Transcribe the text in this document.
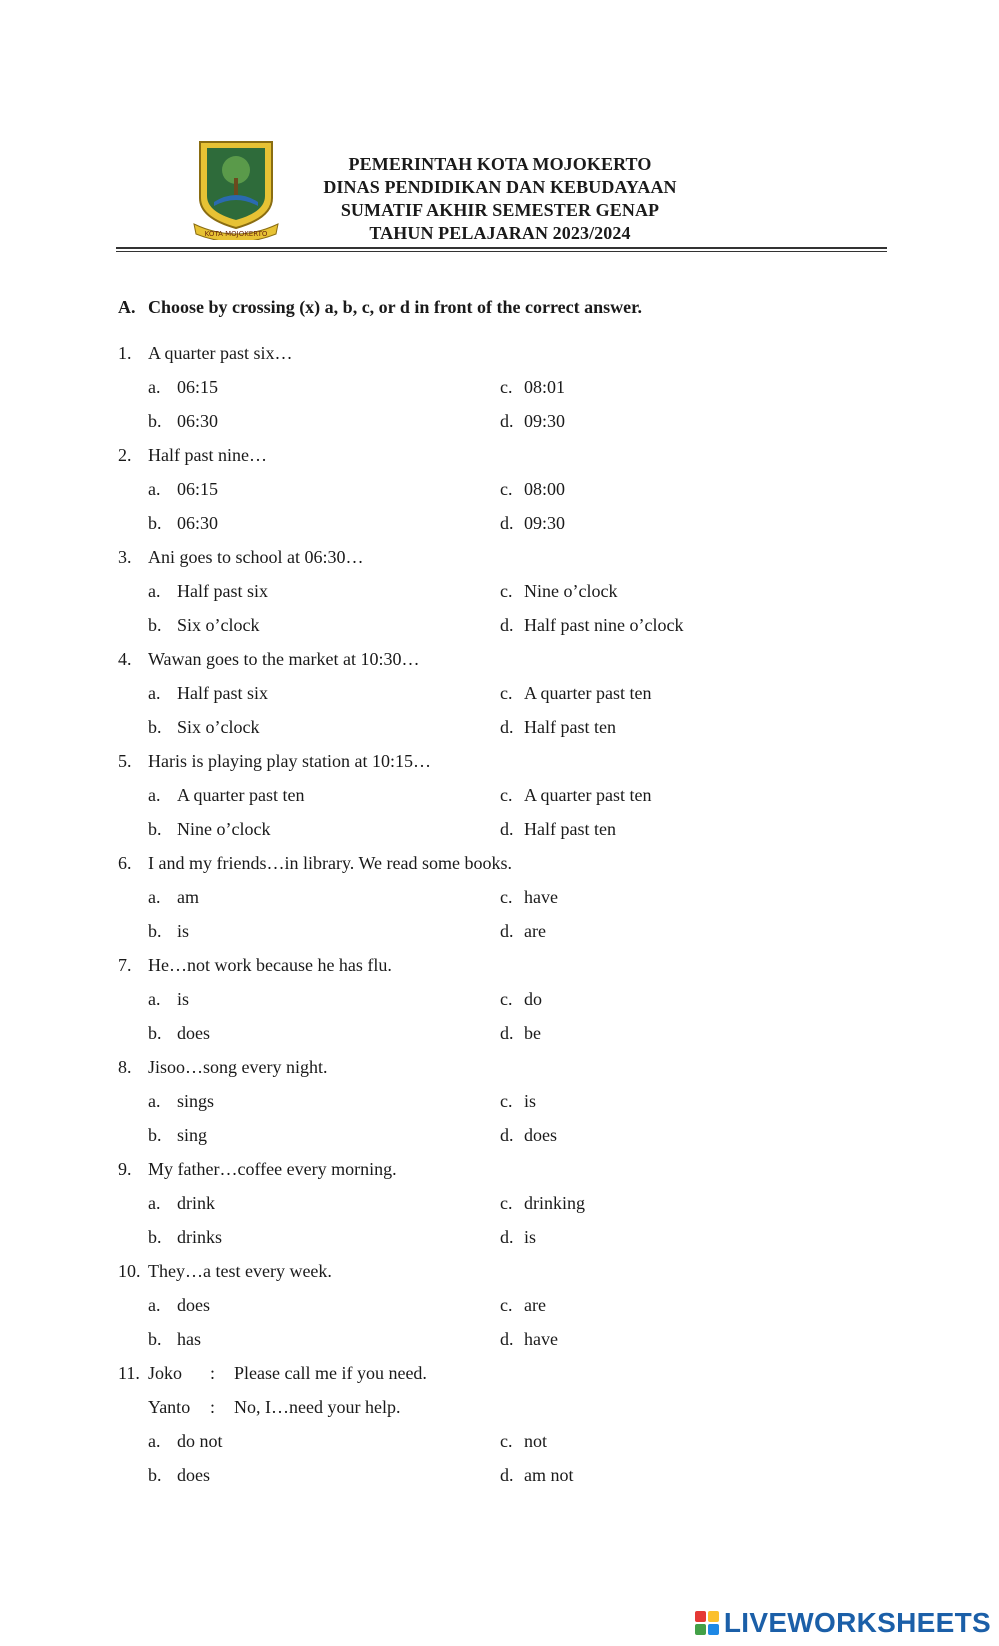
KOTA MOJOKERTO
PEMERINTAH KOTA MOJOKERTO
DINAS PENDIDIKAN DAN KEBUDAYAAN
SUMATIF AKHIR SEMESTER GENAP
TAHUN PELAJARAN 2023/2024
A. Choose by crossing (x) a, b, c, or d in front of the correct answer.
1. A quarter past six…
a. 06:15	c. 08:01
b. 06:30	d. 09:30
2. Half past nine…
a. 06:15	c. 08:00
b. 06:30	d. 09:30
3. Ani goes to school at 06:30…
a. Half past six	c. Nine o’clock
b. Six o’clock	d. Half past nine o’clock
4. Wawan goes to the market at 10:30…
a. Half past six	c. A quarter past ten
b. Six o’clock	d. Half past ten
5. Haris is playing play station at 10:15…
a. A quarter past ten	c. A quarter past ten
b. Nine o’clock	d. Half past ten
6. I and my friends…in library. We read some books.
a. am	c. have
b. is	d. are
7. He…not work because he has flu.
a. is	c. do
b. does	d. be
8. Jisoo…song every night.
a. sings	c. is
b. sing	d. does
9. My father…coffee every morning.
a. drink	c. drinking
b. drinks	d. is
10. They…a test every week.
a. does	c. are
b. has	d. have
11. Joko	: Please call me if you need.
Yanto	: No, I…need your help.
a. do not	c. not
b. does	d. am not
LIVEWORKSHEETS
